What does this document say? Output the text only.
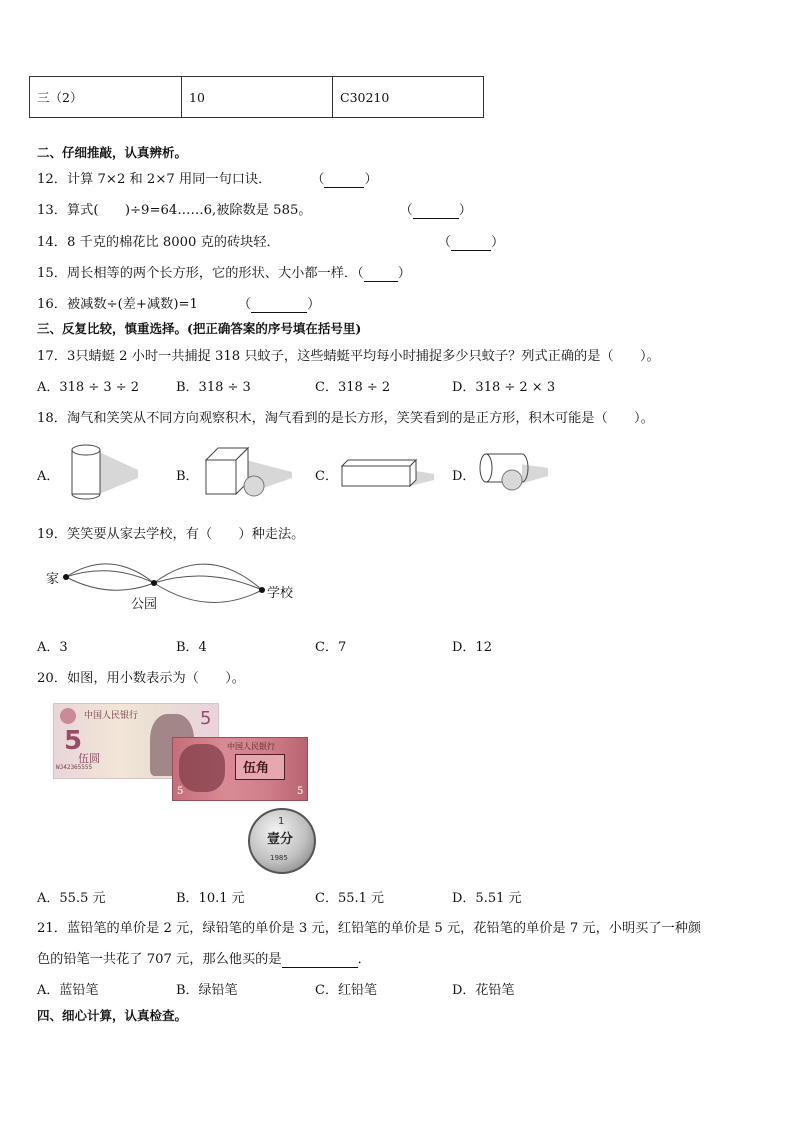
三（2）	10	C30210
二、仔细推敲，认真辨析。
12．计算 7×2 和 2×7 用同一句口诀．	（	）
13．算式(　　)÷9=64……6,被除数是 585。	（	）
14．8 千克的棉花比 8000 克的砖块轻．	（	）
15．周长相等的两个长方形，它的形状、大小都一样．（	）
16．被减数÷(差+减数)=1	（	）
三、反复比较，慎重选择。(把正确答案的序号填在括号里)
17．3只蜻蜓 2 小时一共捕捉 318 只蚊子，这些蜻蜓平均每小时捕捉多少只蚊子？列式正确的是（　　）。
A．318 ÷ 3 ÷ 2	B．318 ÷ 3	C．318 ÷ 2	D．318 ÷ 2 × 3
18．淘气和笑笑从不同方向观察积木，淘气看到的是长方形，笑笑看到的是正方形，积木可能是（　　）。
A．	B．	C．	D．
19．笑笑要从家去学校，有（　　）种走法。
家
公园
学校
A．3	B．4	C．7	D．12
20．如图，用小数表示为（　　）。
中国人民银行
5
伍圆
WJ42365555
5
中国人民银行
伍角
5	5
1
壹分
1985
A．55.5 元	B．10.1 元	C．55.1 元	D．5.51 元
21．蓝铅笔的单价是 2 元，绿铅笔的单价是 3 元，红铅笔的单价是 5 元，花铅笔的单价是 7 元，小明买了一种颜
色的铅笔一共花了 707 元，那么他买的是	．
A．蓝铅笔	B．绿铅笔	C．红铅笔	D．花铅笔
四、细心计算，认真检查。
